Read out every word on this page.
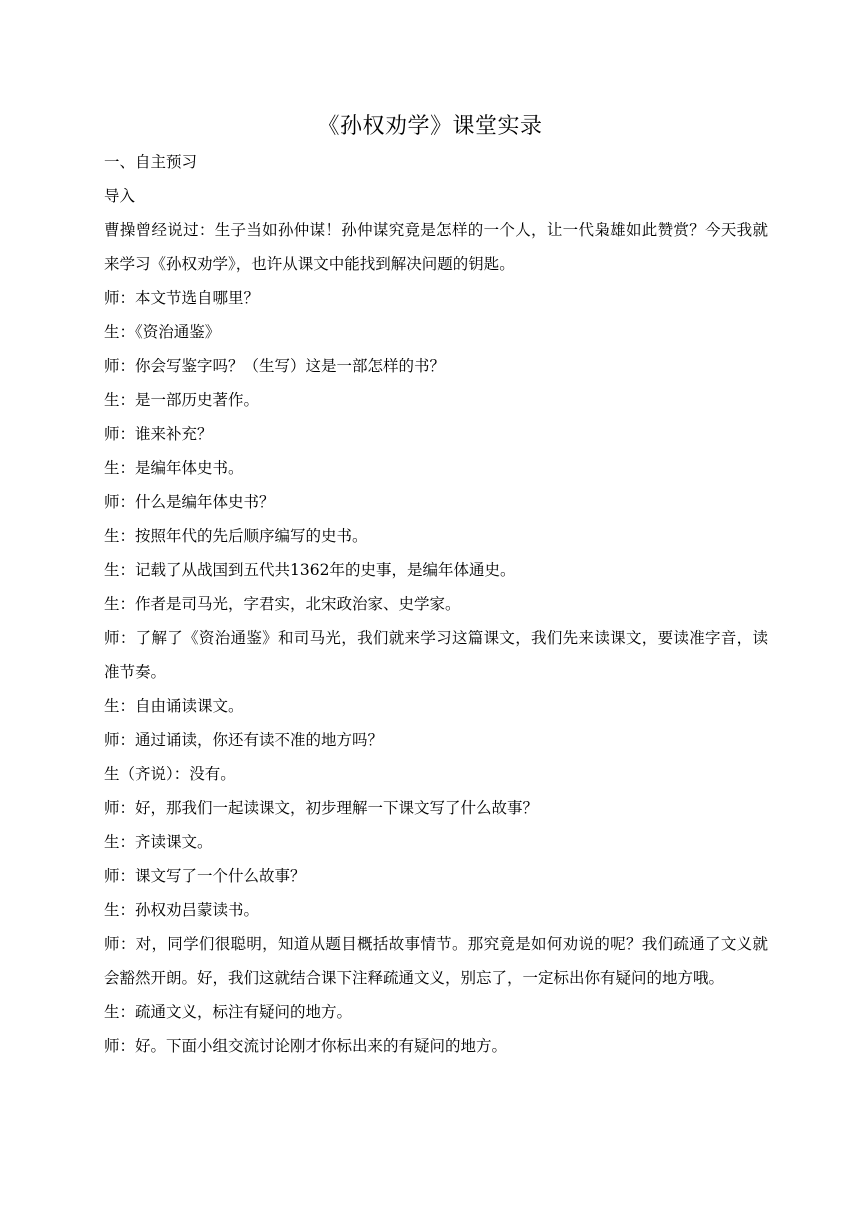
《孙权劝学》课堂实录

一、自主预习

导入

曹操曾经说过：生子当如孙仲谋！孙仲谋究竟是怎样的一个人，让一代枭雄如此赞赏？今天我就来学习《孙权劝学》，也许从课文中能找到解决问题的钥匙。

师：本文节选自哪里？

生：《资治通鉴》

师：你会写鉴字吗？（生写）这是一部怎样的书？

生：是一部历史著作。

师：谁来补充？

生：是编年体史书。

师：什么是编年体史书？

生：按照年代的先后顺序编写的史书。

生：记载了从战国到五代共1362年的史事，是编年体通史。

生：作者是司马光，字君实，北宋政治家、史学家。

师：了解了《资治通鉴》和司马光，我们就来学习这篇课文，我们先来读课文，要读准字音，读准节奏。

生：自由诵读课文。

师：通过诵读，你还有读不准的地方吗？

生（齐说）：没有。

师：好，那我们一起读课文，初步理解一下课文写了什么故事？

生：齐读课文。

师：课文写了一个什么故事？

生：孙权劝吕蒙读书。

师：对，同学们很聪明，知道从题目概括故事情节。那究竟是如何劝说的呢？我们疏通了文义就会豁然开朗。好，我们这就结合课下注释疏通文义，别忘了，一定标出你有疑问的地方哦。

生：疏通文义，标注有疑问的地方。

师：好。下面小组交流讨论刚才你标出来的有疑问的地方。
